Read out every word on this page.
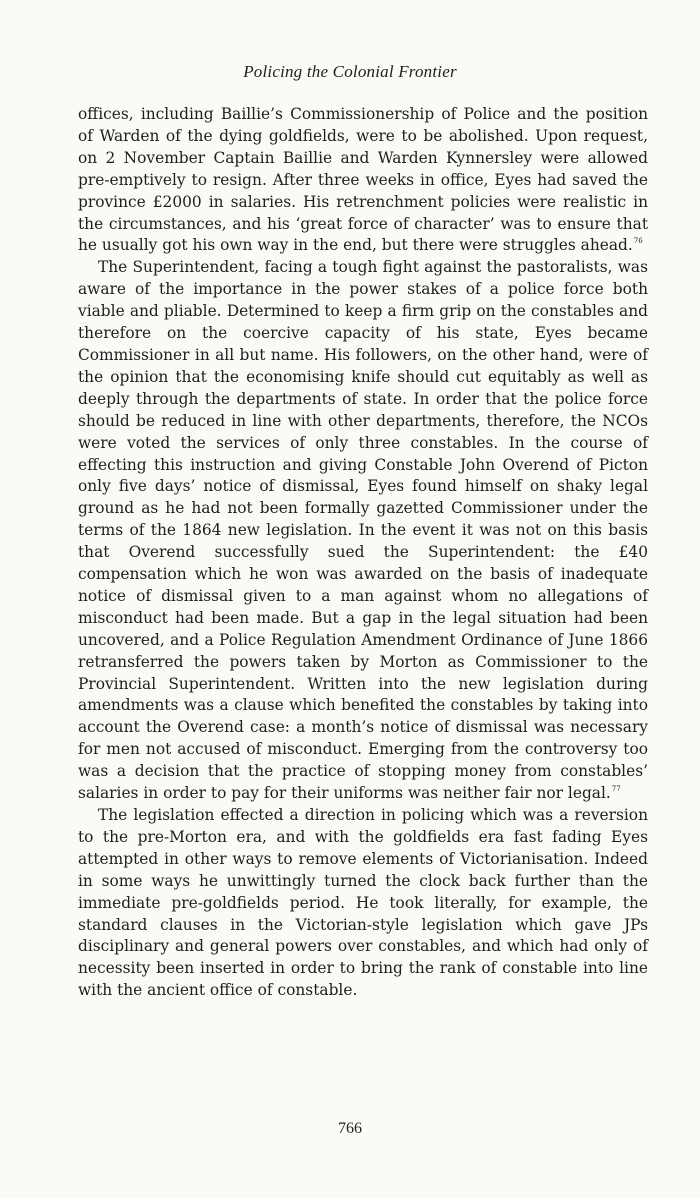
Policing the Colonial Frontier

offices, including Baillie’s Commissionership of Police and the position of Warden of the dying goldfields, were to be abolished. Upon request, on 2 November Captain Baillie and Warden Kynnersley were allowed pre-emptively to resign. After three weeks in office, Eyes had saved the province £2000 in salaries. His retrenchment policies were realistic in the circumstances, and his ‘great force of character’ was to ensure that he usually got his own way in the end, but there were struggles ahead.$^{76}$

The Superintendent, facing a tough fight against the pastoralists, was aware of the importance in the power stakes of a police force both viable and pliable. Determined to keep a firm grip on the constables and therefore on the coercive capacity of his state, Eyes became Commissioner in all but name. His followers, on the other hand, were of the opinion that the economising knife should cut equitably as well as deeply through the departments of state. In order that the police force should be reduced in line with other departments, therefore, the NCOs were voted the services of only three constables. In the course of effecting this instruction and giving Constable John Overend of Picton only five days’ notice of dismissal, Eyes found himself on shaky legal ground as he had not been formally gazetted Commissioner under the terms of the 1864 new legislation. In the event it was not on this basis that Overend successfully sued the Superintendent: the £40 compensation which he won was awarded on the basis of inadequate notice of dismissal given to a man against whom no allegations of misconduct had been made. But a gap in the legal situation had been uncovered, and a Police Regulation Amendment Ordinance of June 1866 retransferred the powers taken by Morton as Commissioner to the Provincial Superintendent. Written into the new legislation during amendments was a clause which benefited the constables by taking into account the Overend case: a month’s notice of dismissal was necessary for men not accused of misconduct. Emerging from the controversy too was a decision that the practice of stopping money from constables’ salaries in order to pay for their uniforms was neither fair nor legal.$^{77}$

The legislation effected a direction in policing which was a reversion to the pre-Morton era, and with the goldfields era fast fading Eyes attempted in other ways to remove elements of Victorianisation. Indeed in some ways he unwittingly turned the clock back further than the immediate pre-goldfields period. He took literally, for example, the standard clauses in the Victorian-style legislation which gave JPs disciplinary and general powers over constables, and which had only of necessity been inserted in order to bring the rank of constable into line with the ancient office of constable.

766
